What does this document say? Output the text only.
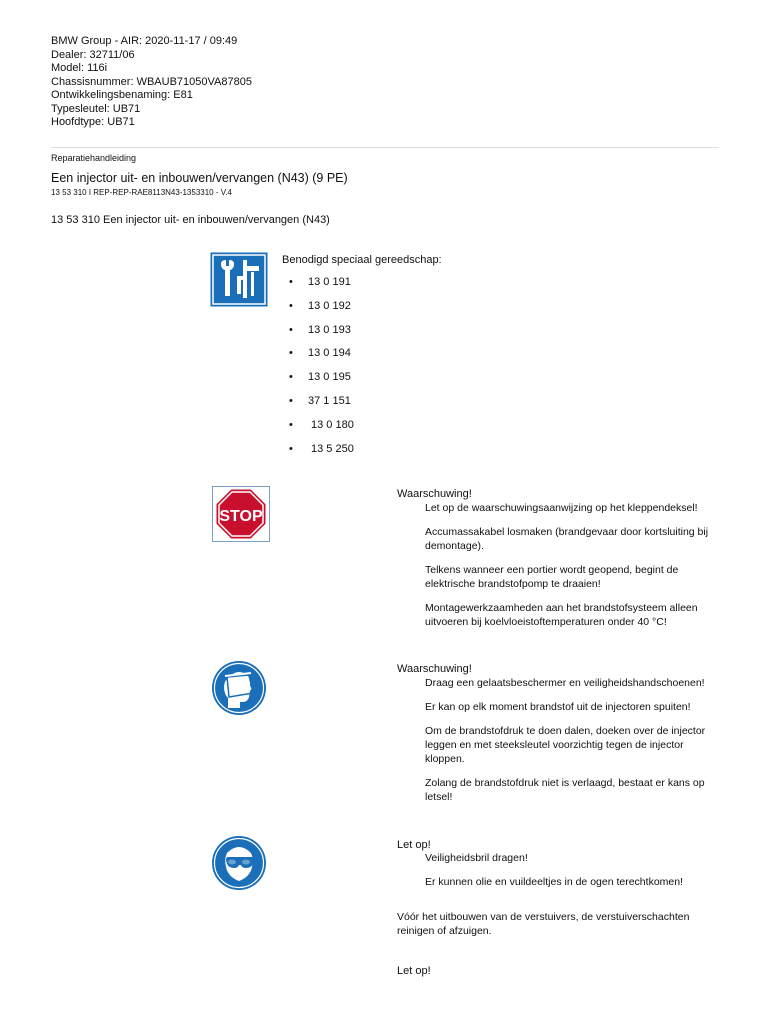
BMW Group - AIR: 2020-11-17 / 09:49
Dealer: 32711/06
Model: 116i
Chassisnummer: WBAUB71050VA87805
Ontwikkelingsbenaming: E81
Typesleutel: UB71
Hoofdtype: UB71
Reparatiehandleiding
Een injector uit- en inbouwen/vervangen (N43) (9 PE)
13 53 310 I REP-REP-RAE8113N43-1353310 - V.4
13 53 310 Een injector uit- en inbouwen/vervangen (N43)
Benodigd speciaal gereedschap:
• 13 0 191
• 13 0 192
• 13 0 193
• 13 0 194
• 13 0 195
• 37 1 151
• 13 0 180
• 13 5 250
STOP
Waarschuwing!

Let op de waarschuwingsaanwijzing op het kleppendeksel!

Accumassakabel losmaken (brandgevaar door kortsluiting bij demontage).

Telkens wanneer een portier wordt geopend, begint de elektrische brandstofpomp te draaien!

Montagewerkzaamheden aan het brandstofsysteem alleen uitvoeren bij koelvloeistoftemperaturen onder 40 °C!

Waarschuwing!

Draag een gelaatsbeschermer en veiligheidshandschoenen!

Er kan op elk moment brandstof uit de injectoren spuiten!

Om de brandstofdruk te doen dalen, doeken over de injector leggen en met steeksleutel voorzichtig tegen de injector kloppen.

Zolang de brandstofdruk niet is verlaagd, bestaat er kans op letsel!

Let op!

Veiligheidsbril dragen!

Er kunnen olie en vuildeeltjes in de ogen terechtkomen!

Vóór het uitbouwen van de verstuivers, de verstuiverschachten reinigen of afzuigen.
Let op!
